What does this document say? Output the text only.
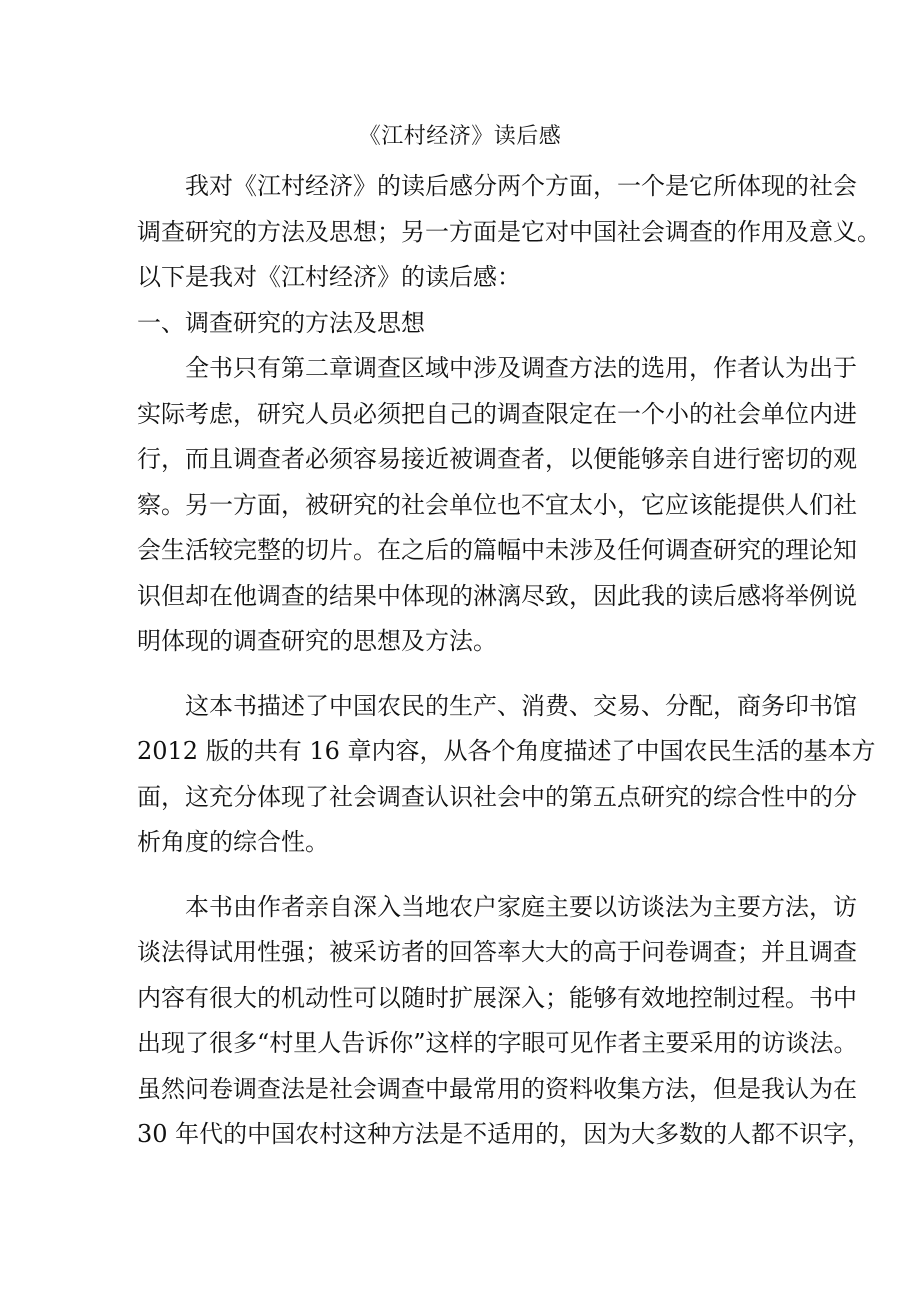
《江村经济》读后感
我对《江村经济》的读后感分两个方面，一个是它所体现的社会
调查研究的方法及思想；另一方面是它对中国社会调查的作用及意义。
以下是我对《江村经济》的读后感：
一、调查研究的方法及思想
全书只有第二章调查区域中涉及调查方法的选用，作者认为出于
实际考虑，研究人员必须把自己的调查限定在一个小的社会单位内进
行，而且调查者必须容易接近被调查者，以便能够亲自进行密切的观
察。另一方面，被研究的社会单位也不宜太小，它应该能提供人们社
会生活较完整的切片。在之后的篇幅中未涉及任何调查研究的理论知
识但却在他调查的结果中体现的淋漓尽致，因此我的读后感将举例说
明体现的调查研究的思想及方法。
这本书描述了中国农民的生产、消费、交易、分配，商务印书馆
2012 版的共有 16 章内容，从各个角度描述了中国农民生活的基本方
面，这充分体现了社会调查认识社会中的第五点研究的综合性中的分
析角度的综合性。
本书由作者亲自深入当地农户家庭主要以访谈法为主要方法，访
谈法得试用性强；被采访者的回答率大大的高于问卷调查；并且调查
内容有很大的机动性可以随时扩展深入；能够有效地控制过程。书中
出现了很多“村里人告诉你”这样的字眼可见作者主要采用的访谈法。
虽然问卷调查法是社会调查中最常用的资料收集方法，但是我认为在
30 年代的中国农村这种方法是不适用的，因为大多数的人都不识字，
